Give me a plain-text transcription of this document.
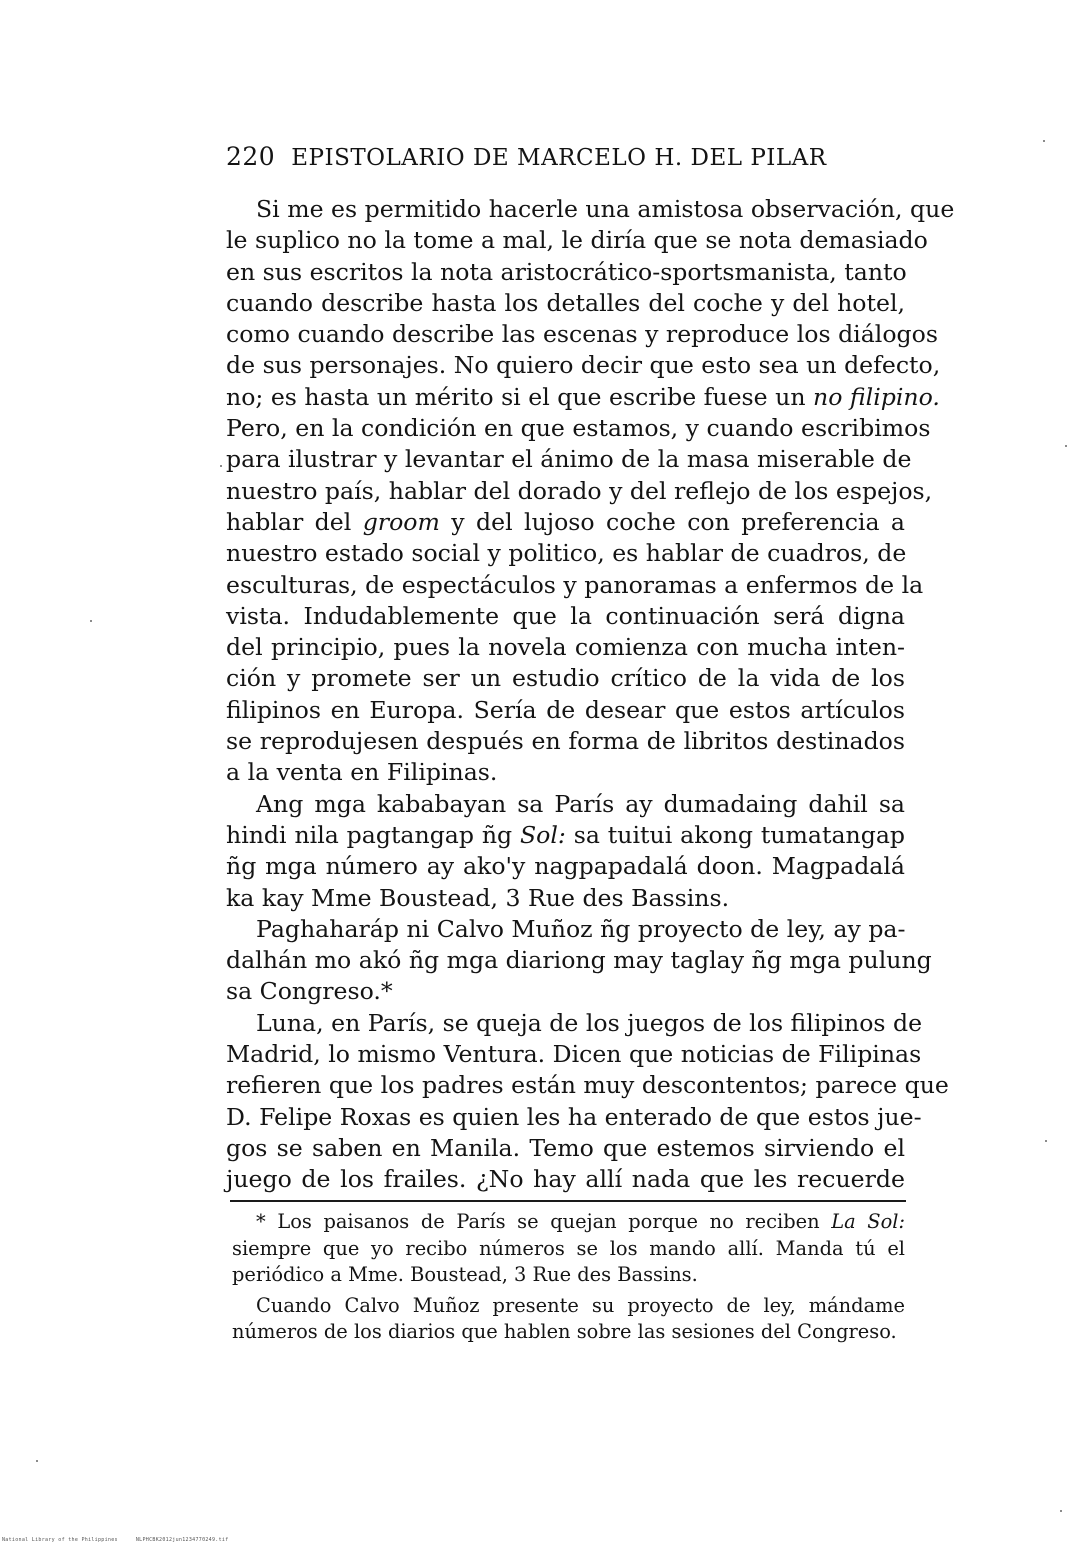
220 EPISTOLARIO DE MARCELO H. DEL PILAR
Si me es permitido hacerle una amistosa observación, que
le suplico no la tome a mal, le diría que se nota demasiado
en sus escritos la nota aristocrático-sportsmanista, tanto
cuando describe hasta los detalles del coche y del hotel,
como cuando describe las escenas y reproduce los diálogos
de sus personajes. No quiero decir que esto sea un defecto,
no; es hasta un mérito si el que escribe fuese un no filipino.
Pero, en la condición en que estamos, y cuando escribimos
para ilustrar y levantar el ánimo de la masa miserable de
nuestro país, hablar del dorado y del reflejo de los espejos,
hablar del groom y del lujoso coche con preferencia a
nuestro estado social y politico, es hablar de cuadros, de
esculturas, de espectáculos y panoramas a enfermos de la
vista. Indudablemente que la continuación será digna
del principio, pues la novela comienza con mucha inten-
ción y promete ser un estudio crítico de la vida de los
filipinos en Europa. Sería de desear que estos artículos
se reprodujesen después en forma de libritos destinados
a la venta en Filipinas.
Ang mga kababayan sa París ay dumadaing dahil sa
hindi nila pagtangap ñg Sol: sa tuitui akong tumatangap
ñg mga número ay ako'y nagpapadalá doon. Magpadalá
ka kay Mme Boustead, 3 Rue des Bassins.
Paghaharáp ni Calvo Muñoz ñg proyecto de ley, ay pa-
dalhán mo akó ñg mga diariong may taglay ñg mga pulung
sa Congreso.*
Luna, en París, se queja de los juegos de los filipinos de
Madrid, lo mismo Ventura. Dicen que noticias de Filipinas
refieren que los padres están muy descontentos; parece que
D. Felipe Roxas es quien les ha enterado de que estos jue-
gos se saben en Manila. Temo que estemos sirviendo el
juego de los frailes. ¿No hay allí nada que les recuerde
* Los paisanos de París se quejan porque no reciben La Sol:
siempre que yo recibo números se los mando allí. Manda tú el
periódico a Mme. Boustead, 3 Rue des Bassins.
Cuando Calvo Muñoz presente su proyecto de ley, mándame
números de los diarios que hablen sobre las sesiones del Congreso.
National Library of the Philippines	NLPHCBK2012jun1234770249.tif
